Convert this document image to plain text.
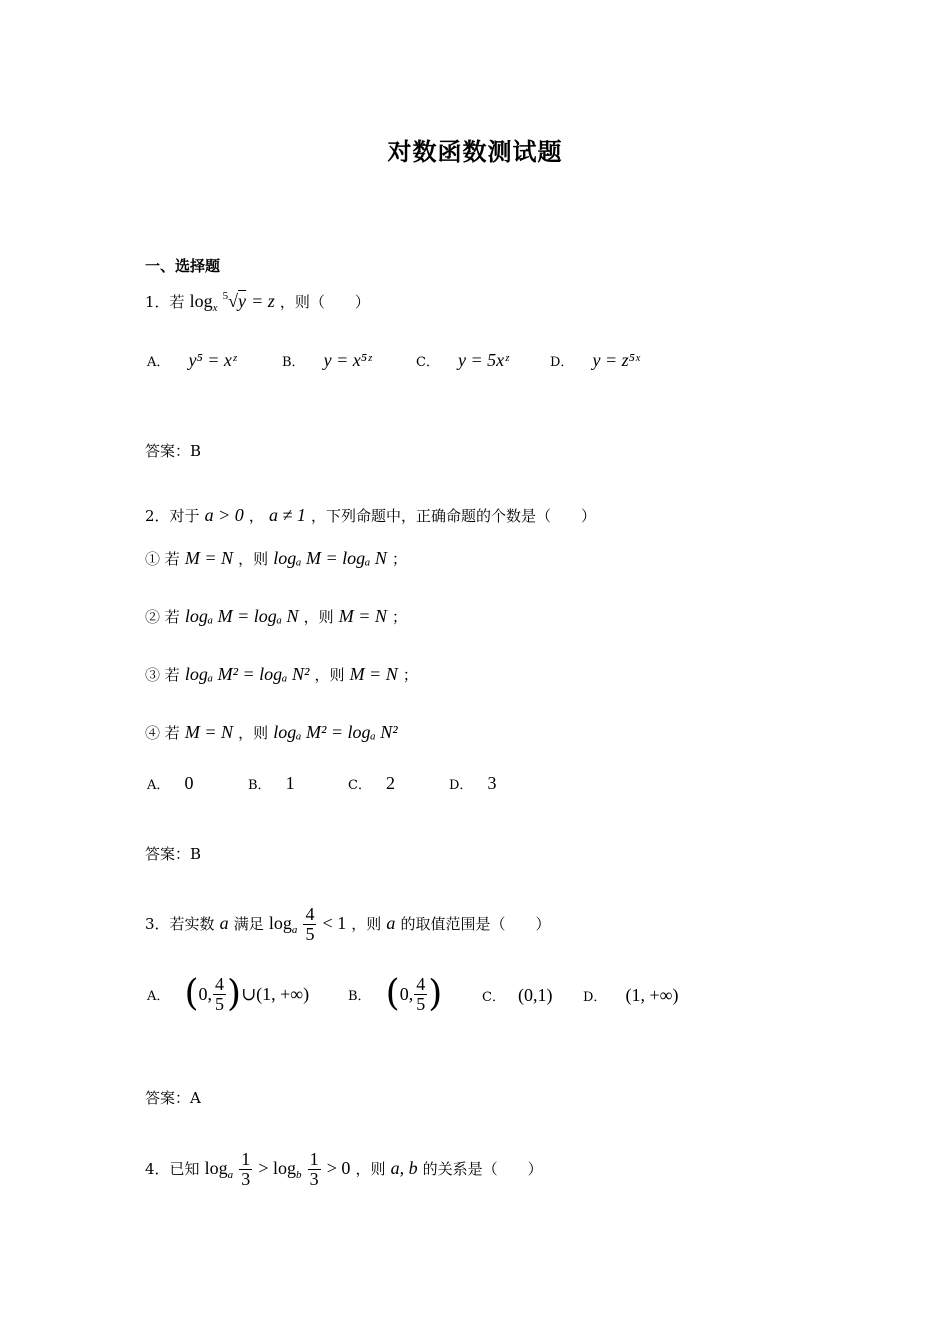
对数函数测试题
一、选择题
1．若 $\log_x ^5√y = z$ ，则（　　）
A． y⁵ = xᶻ	B． y = x⁵ᶻ	C． y = 5xᶻ	D． y = z⁵ˣ
答案：B
2．对于 a > 0 ， a ≠ 1 ，下列命题中，正确命题的个数是（　　）
① 若 M = N ，则 logₐ M = logₐ N ；
② 若 logₐ M = logₐ N ，则 M = N ；
③ 若 logₐ M² = logₐ N² ，则 M = N ；
④ 若 M = N ，则 logₐ M² = logₐ N²
A． 0	B． 1	C． 2	D． 3
答案：B
3．若实数 a 满足 $\log_a \frac{4}{5} < 1$ ，则 a 的取值范围是（　　）
A． (0, $\frac{4}{5}$ )∪(1, +∞)	B． (0, $\frac{4}{5}$ )	C． (0,1) D． (1, +∞)
答案：A
4．已知 $\log_a \frac{1}{3} > \log_b \frac{1}{3} > 0$ ，则 a, b 的关系是（　　）
